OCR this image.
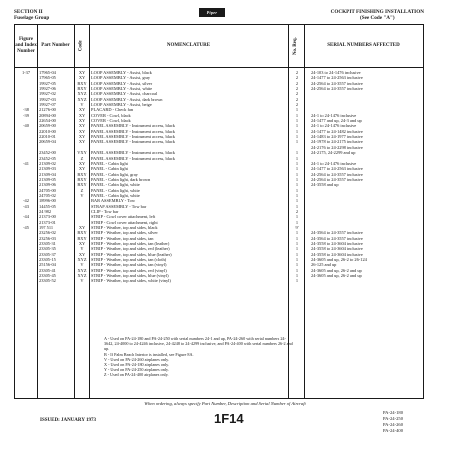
SECTION II
Fuselage Group
Piper	COCKPIT FINISHING INSTALLATION
(See Code "A")
Figure and Index Number
Part Number	Code	NOMENCLATURE	No. Req.	SERIAL NUMBERS AFFECTED
1-37	17965-04	XY	LOOP ASSEMBLY - Assist, black	2	24-103 to 24-1476 inclusive
17965-05	XY	LOOP ASSEMBLY - Assist, gray	2	24-1477 to 24-2563 inclusive
19927-05	BXY LOOP ASSEMBLY - Assist, silver	2	24-2564 to 24-3557 inclusive
19927-06	BXY LOOP ASSEMBLY - Assist, white	2	24-2564 to 24-3557 inclusive
19927-02	XYZ	LOOP ASSEMBLY - Assist, charcoal	2
19927-03	XYZ	LOOP ASSEMBLY - Assist, dark brown	2
19927-07	V	LOOP ASSEMBLY - Assist, beige	2
-38	21276-00	XY	PLACARD - Check fan	1
-39	20894-00	XY	COVER - Cowl, black	1	24-1 to 24-1476 inclusive
22654-00	XY	COVER - Cowl, black	1	24-1477 and up, 24-3 and up
-40	20659-00	XY	PANEL ASSEMBLY - Instrument access, black	1	24-1 to 24-1476 inclusive
22010-00	XY	PANEL ASSEMBLY - Instrument access, black	1	24-1477 to 24-1482 inclusive
22010-01	XY	PANEL ASSEMBLY - Instrument access, black	1	24-1483 to 24-1977 inclusive
20659-04	XY	PANEL ASSEMBLY - Instrument access, black	1	24-1978 to 24-2175 inclusive
24-2176 to 24-2298 inclusive
23452-00	VXY PANEL ASSEMBLY - Instrument access, black	1	24-2175, 24-2299 and up
23452-05	Z	PANEL ASSEMBLY - Instrument access, black	1
-41	21309-02	XY	PANEL - Cabin light	1	24-1 to 24-1476 inclusive
21309-03	XY	PANEL - Cabin light	1	24-1477 to 24-2563 inclusive
21309-04	BXY PANEL - Cabin light, gray	1	24-2564 to 24-3557 inclusive
21309-05	BXY PANEL - Cabin light, dark brown	1	24-2564 to 24-3557 inclusive
21309-06	BXY PANEL - Cabin light, white	1	24-3558 and up
24705-00	Z	PANEL - Cabin light, white	1
24705-02	V	PANEL - Cabin light, white	1
-42	18996-00	BAR ASSEMBLY - Tow	1
-43	14455-05	STRAP ASSEMBLY - Tow bar	1
24 982	CLIP - Tow bar	2
-44	21373-00	STRIP - Cowl cover attachment, left	1
21373-01	STRIP - Cowl cover attachment, right	1
-45	197 511	XY	STRIP - Weather, top and sides, black	9'
23256-02	BXY STRIP - Weather, top and sides, silver	1	24-3564 to 24-3557 inclusive
23256-03	BXY STRIP - Weather, top and sides, tan	1	24-3564 to 24-3557 inclusive
23305-31	XY	STRIP - Weather, top and sides, tan (leather)	1	24-3558 to 24-3604 inclusive
23305-35	Y	STRIP - Weather, top and sides, red (leather)	1	24-3558 to 24-3604 inclusive
23305-37	XY	STRIP - Weather, top and sides, blue (leather)	1	24-3558 to 24-3604 inclusive
23305-15	XYZ	STRIP - Weather, top and sides, tan (cloth)	1	24-3605 and up, 26-2 to 26-124
25156-04	V	STRIP - Weather, top and sides, tan (vinyl)	1	26-125 and up
23305-41	XYZ	STRIP - Weather, top and sides, red (vinyl)	1	24-3605 and up, 26-2 and up
23305-45	XYZ	STRIP - Weather, top and sides, blue (vinyl)	1	24-3605 and up, 26-2 and up
23305-52	V	STRIP - Weather, top and sides, white (vinyl)	1
A - Used on PA-24-180 and PA-24-250 with serial numbers 24-1 and up, PA-24-260 with serial numbers 24-3642, 24-4000 to 24-4246 inclusive, 24-4248 to 24-4299 inclusive, and PA-24-400 with serial numbers 26-2 and up.
B - If Palm Beach Interior is installed, see Figure 8A.
V - Used on PA-24-260 airplanes only.
X - Used on PA-24-180 airplanes only.
Y - Used on PA-24-250 airplanes only.
Z - Used on PA-24-400 airplanes only.
When ordering, always specify Part Number, Description and Serial Number of Aircraft
ISSUED: JANUARY 1973	1F14	PA-24-180
PA-24-250
PA-24-260
PA-24-400
